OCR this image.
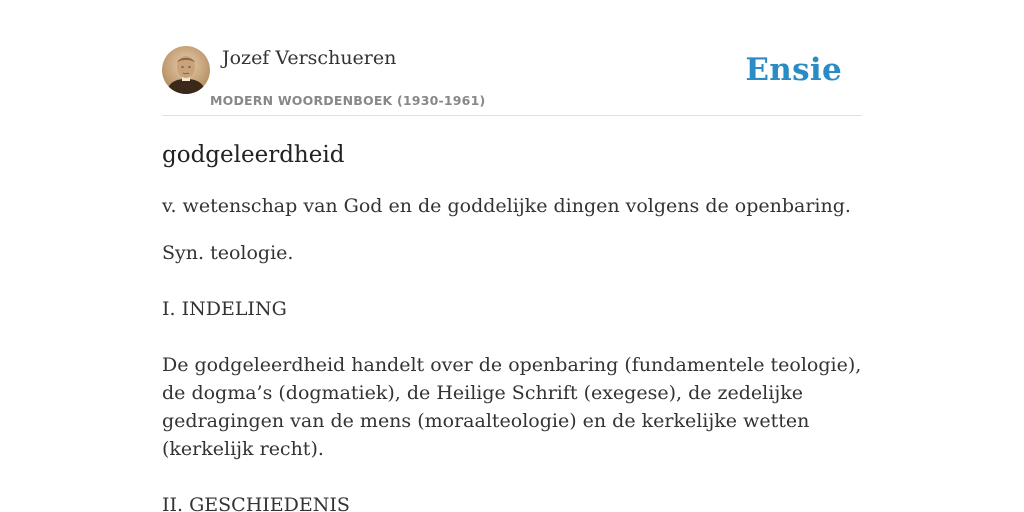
Jozef Verschueren
MODERN WOORDENBOEK (1930-1961)
Ensie
godgeleerdheid

v. wetenschap van God en de goddelijke dingen volgens de openbaring.

Syn. teologie.

I. INDELING

De godgeleerdheid handelt over de openbaring (fundamentele teologie), de dogma’s (dogmatiek), de Heilige Schrift (exegese), de zedelijke gedragingen van de mens (moraalteologie) en de kerkelijke wetten (kerkelijk recht).

II. GESCHIEDENIS
